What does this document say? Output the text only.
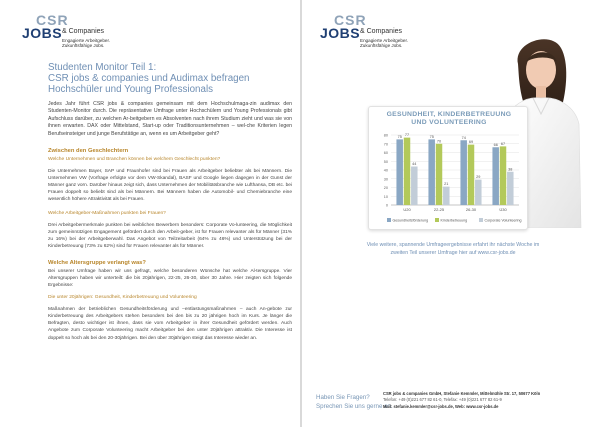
CSR
JOBS & Companies
Engagierte Arbeitgeber.
Zukunftsfähige Jobs.
Studenten Monitor Teil 1:
CSR jobs & companies und Audimax befragen
Hochschüler und Young Professionals
Jedes Jahr führt CSR jobs & companies gemeinsam mit dem Hochschulmaga-zin audimax den Studenten-Monitor durch. Die repräsentative Umfrage unter Hochschülern und Young Professionals gibt Aufschluss darüber, zu welchen Ar-beitgebern es Absolventen nach ihrem Studium zieht und was sie von ihnen erwarten. DAX oder Mittelstand, Start-up oder Traditionsunternehmen – wel-che Kriterien legen Berufseinsteiger und junge Berufstätige an, wenn es um Arbeitgeber geht?
Zwischen den Geschlechtern
Welche Unternehmen und Branchen können bei welchem Geschlecht punkten?
Die Unternehmen Bayer, SAP und Fraunhofer sind bei Frauen als Arbeitgeber beliebter als bei Männern. Die Unternehmen VW (Vorfrage erfolgte vor dem VW-Skandal), BASF und Google liegen dagegen in der Gunst der Männer ganz vorn. Darüber hinaus zeigt sich, dass Unternehmen der Mobilitätsbranche wie Lufthansa, DB etc. bei Frauen doppelt so beliebt sind als bei Männern. Bei Männern haben die Automobil- und Chemiebranche eine wesentlich höhere Attraktivität als bei Frauen.
Welche Arbeitgeber-Maßnahmen punkten bei Frauen?
Drei Arbeitgebermerkmale punkten bei weiblichen Bewerbern besonders: Corporate Vo-lunteering, die Möglichkeit zum gemeinnützigen Engagement gefördert durch den Arbeit-geber, ist für Frauen relevanter als für Männer (31% zu 16%) bei der Arbeitgeberwahl. Das Angebot von Teilzeitarbeit (64% zu 46%) und Unterstützung bei der Kinderbetreuung (73% zu 62%) sind für Frauen relevanter als für Männer.
Welche Altersgruppe verlangt was?
Bei unserer Umfrage haben wir uns gefragt, welche besonderen Wünsche hat welche Al-tersgruppe. Vier Altersgruppen haben wir unterteilt: die bis 20jährigen, 22-25, 26-30, über 30 Jahre. Hier zeigten sich folgende Ergebnisse:
Die unter 20jährigen: Gesundheit, Kinderbetreuung und Volunteering
Maßnahmen der betrieblichen Gesundheitsförderung und –entlastungsmaßnahmen – auch An-gebote zur Kinderbetreuung des Arbeitgebers stehen besonders bei den bis zu 20 jährigen hoch im Kurs. Je länger die Befragten, desto wichtiger ist ihnen, dass sie vom Arbeitgeber in ihrer Gesundheit gefördert werden. Auch Angebote zum Corporate Volunteering macht Arbeitgeber bei den unter 20jährigen attraktiv. Die Interesse ist doppelt so hoch als bei den 20-30jährigen. Bei den über 30jährigen steigt das Interesse wieder an.
CSR
JOBS & Companies
Engagierte Arbeitgeber.
Zukunftsfähige Jobs.
GESUNDHEIT, KINDERBETREUUNG
UND VOLUNTEERING
0
10
20
30
40
50
60
70
80	75 77
44
U20
75
70
21
22-25
74
69
29
26-30
66 67
38
Ü30
Gesundheitsförderung	Kinderbetreuung	Corporate Volunteering
Viele weitere, spannende Umfrageergebnisse erfahrt ihr nächste Woche im
zweiten Teil unserer Umfrage hier auf www.csr-jobs.de
Haben Sie Fragen?
Sprechen Sie uns gerne an.
CSR jobs & companies GmbH, Stefanie Kemmler, Mittelmühle Str. 17, 50677 Köln
Telefon: +49 (0)221 677 82 61-0, Telefax: +49 (0)221 677 82 61-9
Mail: stefanie.kemmler@csr-jobs.de, Web: www.csr-jobs.de
